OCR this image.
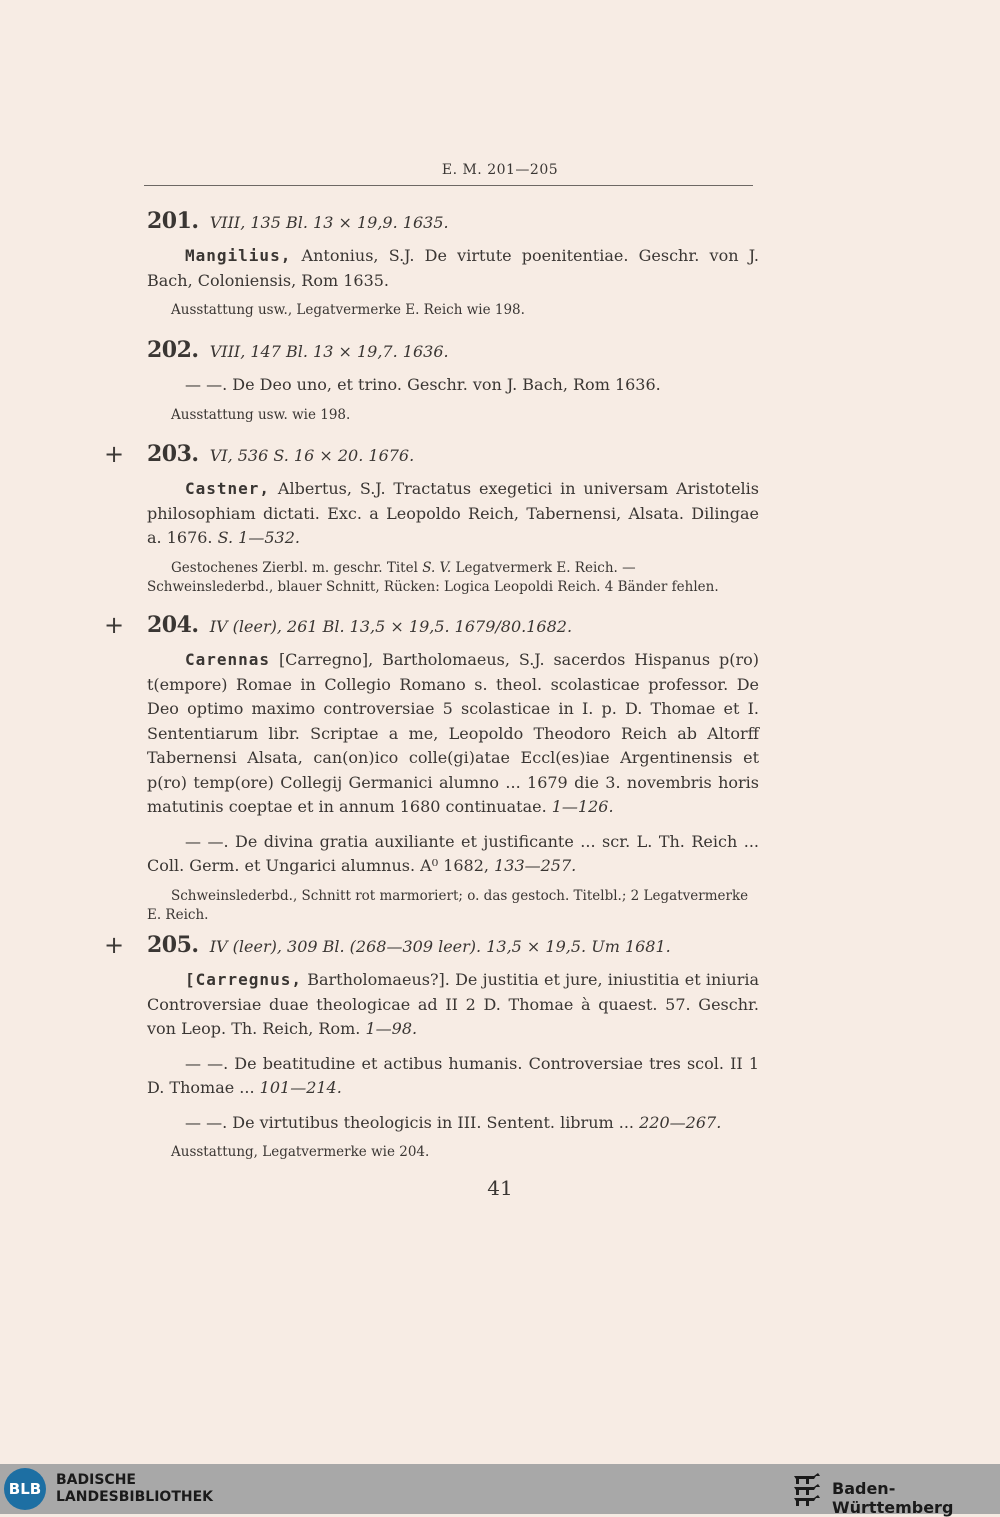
E. M. 201—205

201. VIII, 135 Bl. 13 × 19,9. 1635.

Mangilius, Antonius, S.J. De virtute poenitentiae. Geschr. von J. Bach, Coloniensis, Rom 1635.

Ausstattung usw., Legatvermerke E. Reich wie 198.

202. VIII, 147 Bl. 13 × 19,7. 1636.

— —. De Deo uno, et trino. Geschr. von J. Bach, Rom 1636.

Ausstattung usw. wie 198.

+ 203. VI, 536 S. 16 × 20. 1676.

Castner, Albertus, S.J. Tractatus exegetici in universam Aristotelis philosophiam dictati. Exc. a Leopoldo Reich, Tabernensi, Alsata. Dilingae a. 1676. S. 1—532.

Gestochenes Zierbl. m. geschr. Titel S. V. Legatvermerk E. Reich. — Schweinslederbd., blauer Schnitt, Rücken: Logica Leopoldi Reich. 4 Bänder fehlen.

+ 204. IV (leer), 261 Bl. 13,5 × 19,5. 1679/80.1682.

Carennas [Carregno], Bartholomaeus, S.J. sacerdos Hispanus p(ro) t(empore) Romae in Collegio Romano s. theol. scolasticae professor. De Deo optimo maximo controversiae 5 scolasticae in I. p. D. Thomae et I. Sententiarum libr. Scriptae a me, Leopoldo Theodoro Reich ab Altorff Tabernensi Alsata, can(on)ico colle(gi)atae Eccl(es)iae Argentinensis et p(ro) temp(ore) Collegij Germanici alumno ... 1679 die 3. novembris horis matutinis coeptae et in annum 1680 continuatae. 1—126.

— —. De divina gratia auxiliante et justificante ... scr. L. Th. Reich ... Coll. Germ. et Ungarici alumnus. A⁰ 1682, 133—257.

Schweinslederbd., Schnitt rot marmoriert; o. das gestoch. Titelbl.; 2 Legatvermerke E. Reich.

+ 205. IV (leer), 309 Bl. (268—309 leer). 13,5 × 19,5. Um 1681.

[Carregnus, Bartholomaeus?]. De justitia et jure, iniustitia et iniuria Controversiae duae theologicae ad II 2 D. Thomae à quaest. 57. Geschr. von Leop. Th. Reich, Rom. 1—98.

— —. De beatitudine et actibus humanis. Controversiae tres scol. II 1 D. Thomae ... 101—214.

— —. De virtutibus theologicis in III. Sentent. librum ... 220—267.

Ausstattung, Legatvermerke wie 204.

41
BLB	BADISCHE
LANDESBIBLIOTHEK	Baden-Württemberg
